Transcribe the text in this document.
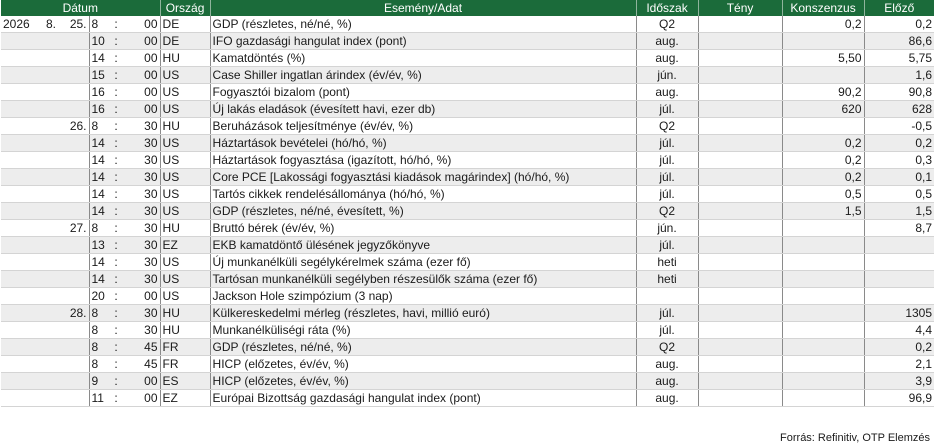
Dátum						Ország	Esemény/Adat	Időszak	Tény	Konszenzus	Előző
2026	8.	25.	8	:	00	DE	GDP (részletes, né/né, %)	Q2		0,2	0,2
			10	:	00	DE	IFO gazdasági hangulat index (pont)	aug.			86,6
			14	:	00	HU	Kamatdöntés (%)	aug.		5,50	5,75
			15	:	00	US	Case Shiller ingatlan árindex (év/év, %)	jún.			1,6
			16	:	00	US	Fogyasztói bizalom (pont)	aug.		90,2	90,8
			16	:	00	US	Új lakás eladások (évesített havi, ezer db)	júl.		620	628
		26.	8	:	30	HU	Beruházások teljesítménye (év/év, %)	Q2			-0,5
			14	:	30	US	Háztartások bevételei (hó/hó, %)	júl.		0,2	0,2
			14	:	30	US	Háztartások fogyasztása (igazított, hó/hó, %)	júl.		0,2	0,3
			14	:	30	US	Core PCE [Lakossági fogyasztási kiadások magárindex] (hó/hó, %)	júl.		0,2	0,1
			14	:	30	US	Tartós cikkek rendelésállománya (hó/hó, %)	júl.		0,5	0,5
			14	:	30	US	GDP (részletes, né/né, évesített, %)	Q2		1,5	1,5
		27.	8	:	30	HU	Bruttó bérek (év/év, %)	jún.			8,7
			13	:	30	EZ	EKB kamatdöntő ülésének jegyzőkönyve	júl.			
			14	:	30	US	Új munkanélküli segélykérelmek száma (ezer fő)	heti			
			14	:	30	US	Tartósan munkanélküli segélyben részesülők száma (ezer fő)	heti			
			20	:	00	US	Jackson Hole szimpózium (3 nap)				
		28.	8	:	30	HU	Külkereskedelmi mérleg (részletes, havi, millió euró)	júl.			1305
			8	:	30	HU	Munkanélküliségi ráta (%)	júl.			4,4
			8	:	45	FR	GDP (részletes, né/né, %)	Q2			0,2
			8	:	45	FR	HICP (előzetes, év/év, %)	aug.			2,1
			9	:	00	ES	HICP (előzetes, év/év, %)	aug.			3,9
			11	:	00	EZ	Európai Bizottság gazdasági hangulat index (pont)	aug.			96,9
Forrás: Refinitiv, OTP Elemzés
